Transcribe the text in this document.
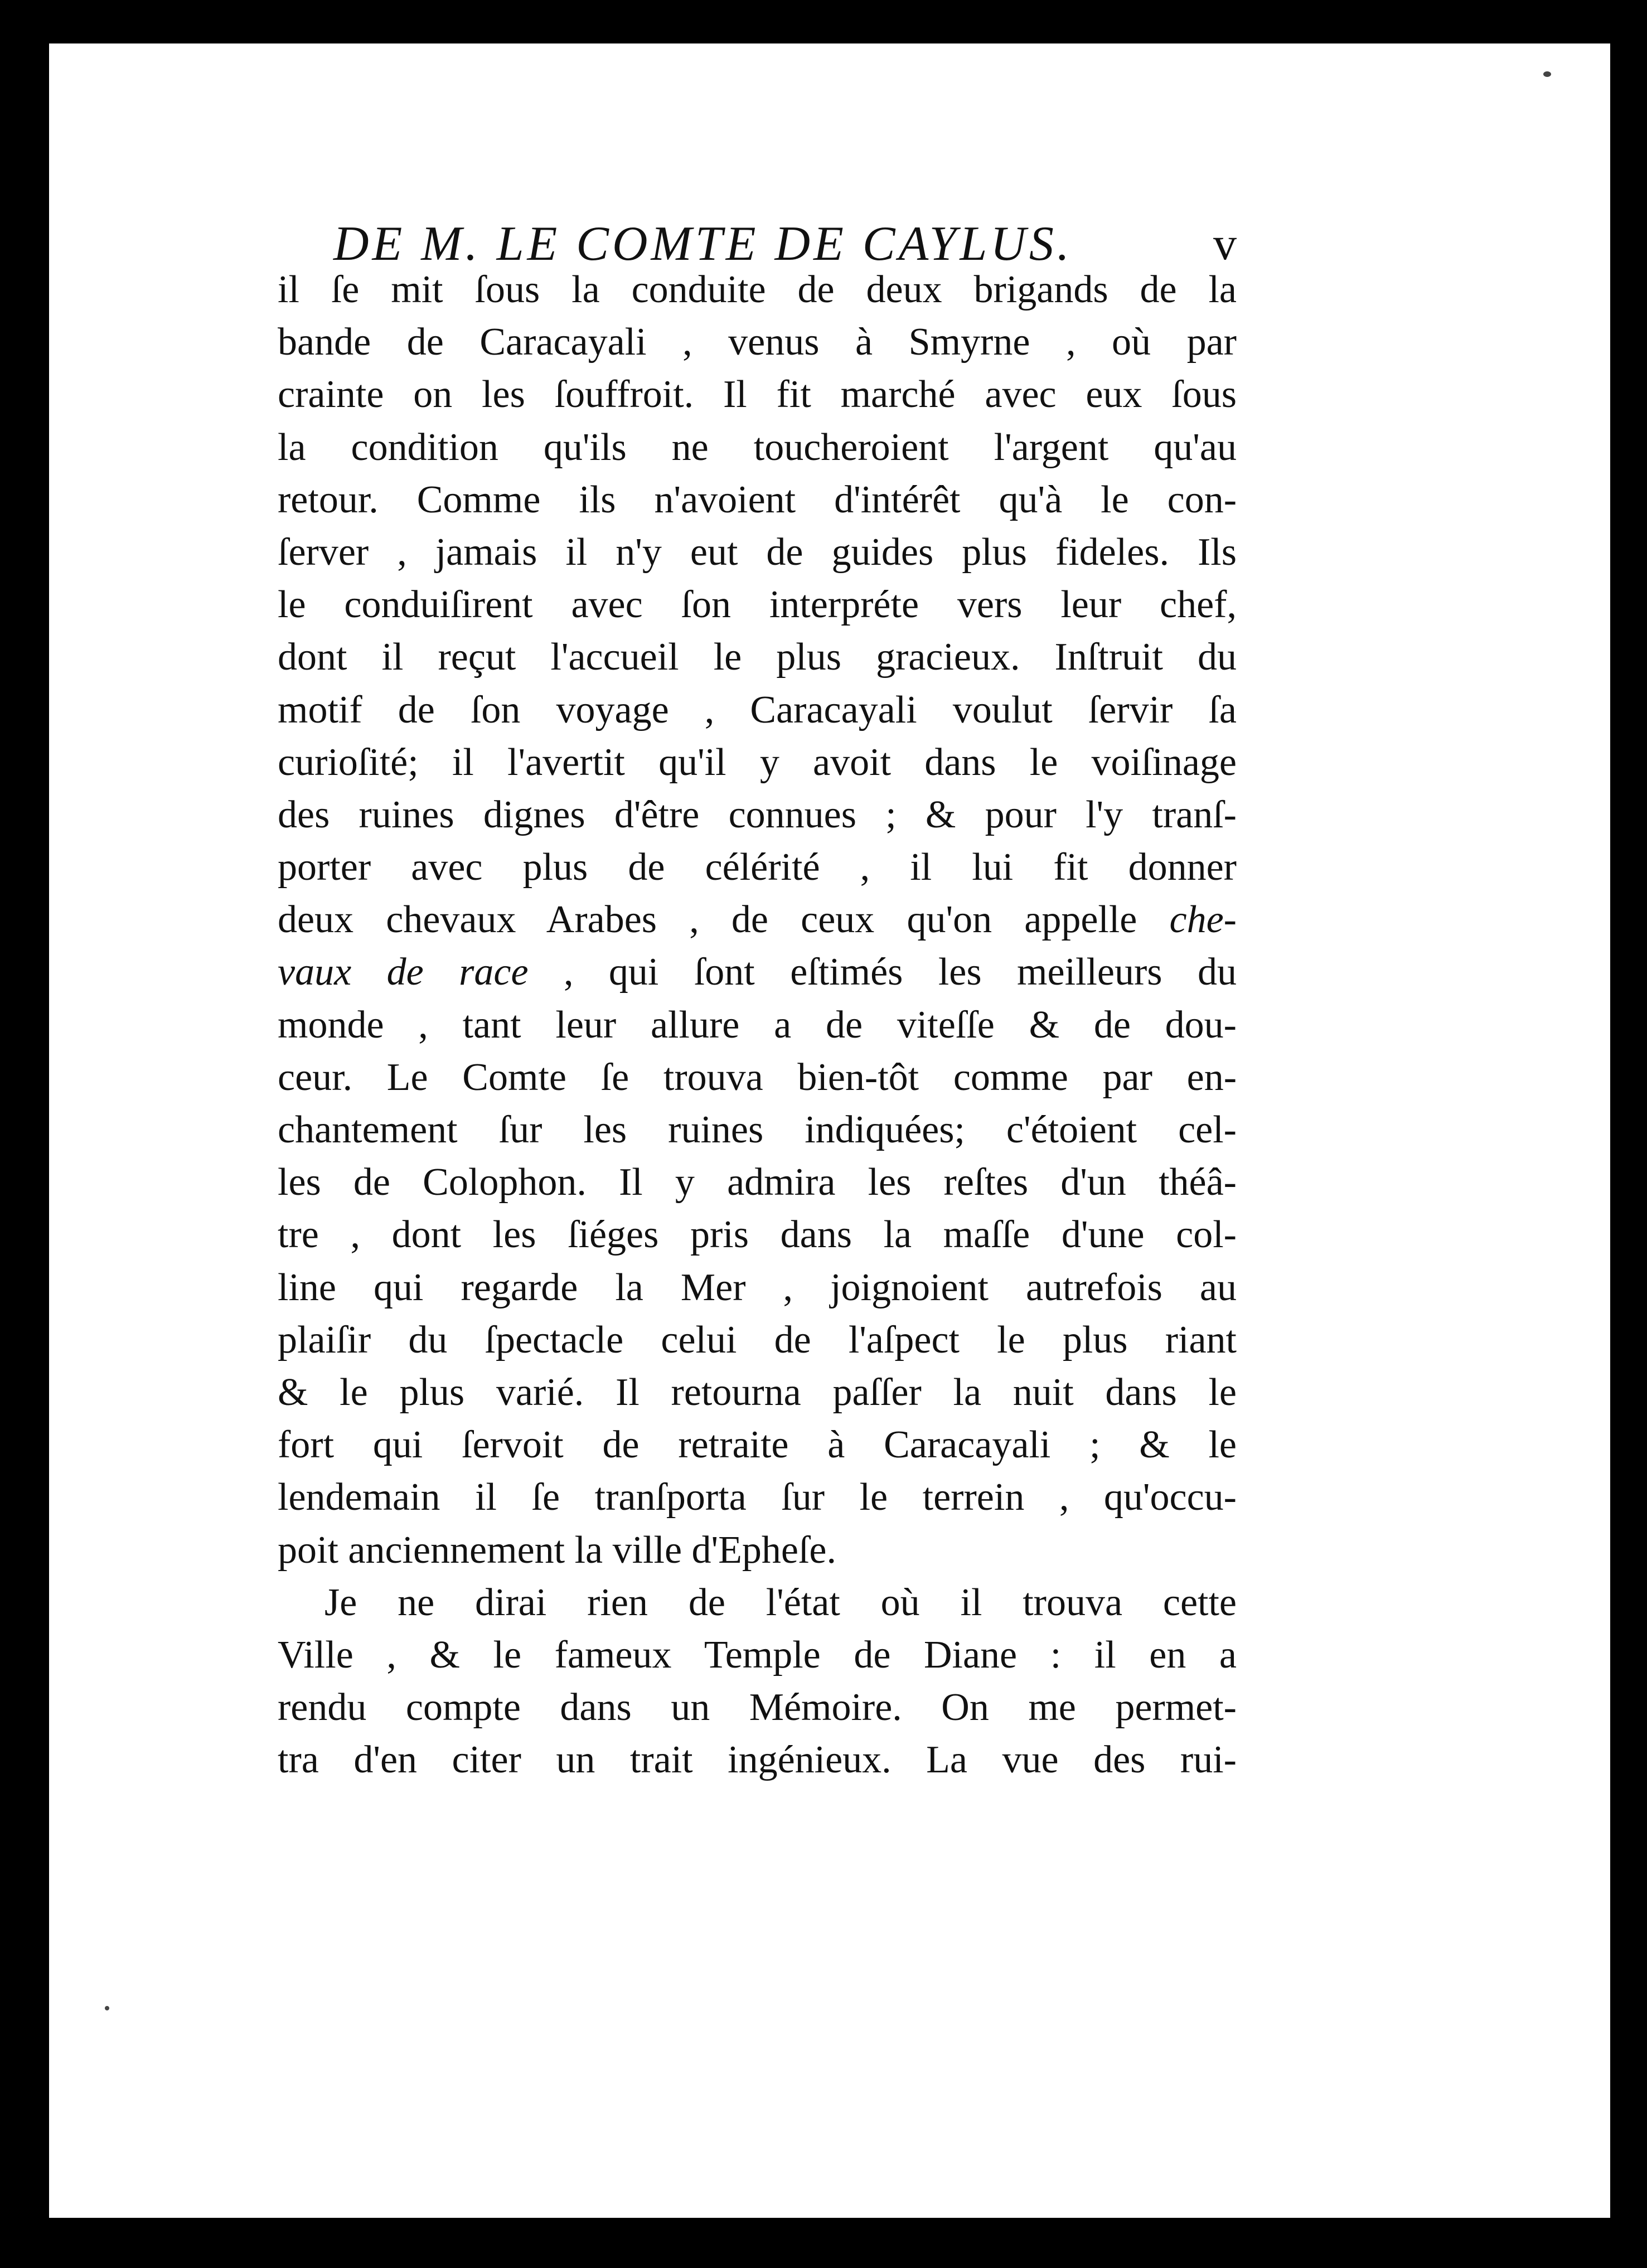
DE M. LE COMTE DE CAYLUS.	v
il ſe mit ſous la conduite de deux brigands de la
bande de Caracayali , venus à Smyrne , où par
crainte on les ſouffroit. Il fit marché avec eux ſous
la condition qu'ils ne toucheroient l'argent qu'au
retour. Comme ils n'avoient d'intérêt qu'à le con-
ſerver , jamais il n'y eut de guides plus fideles. Ils
le conduiſirent avec ſon interpréte vers leur chef,
dont il reçut l'accueil le plus gracieux. Inſtruit du
motif de ſon voyage , Caracayali voulut ſervir ſa
curioſité; il l'avertit qu'il y avoit dans le voiſinage
des ruines dignes d'être connues ; & pour l'y tranſ-
porter avec plus de célérité , il lui fit donner
deux chevaux Arabes , de ceux qu'on appelle che-
vaux de race , qui ſont eſtimés les meilleurs du
monde , tant leur allure a de viteſſe & de dou-
ceur. Le Comte ſe trouva bien-tôt comme par en-
chantement ſur les ruines indiquées; c'étoient cel-
les de Colophon. Il y admira les reſtes d'un théâ-
tre , dont les ſiéges pris dans la maſſe d'une col-
line qui regarde la Mer , joignoient autrefois au
plaiſir du ſpectacle celui de l'aſpect le plus riant
& le plus varié. Il retourna paſſer la nuit dans le
fort qui ſervoit de retraite à Caracayali ; & le
lendemain il ſe tranſporta ſur le terrein , qu'occu-
poit anciennement la ville d'Epheſe.
Je ne dirai rien de l'état où il trouva cette
Ville , & le fameux Temple de Diane : il en a
rendu compte dans un Mémoire. On me permet-
tra d'en citer un trait ingénieux. La vue des rui-
